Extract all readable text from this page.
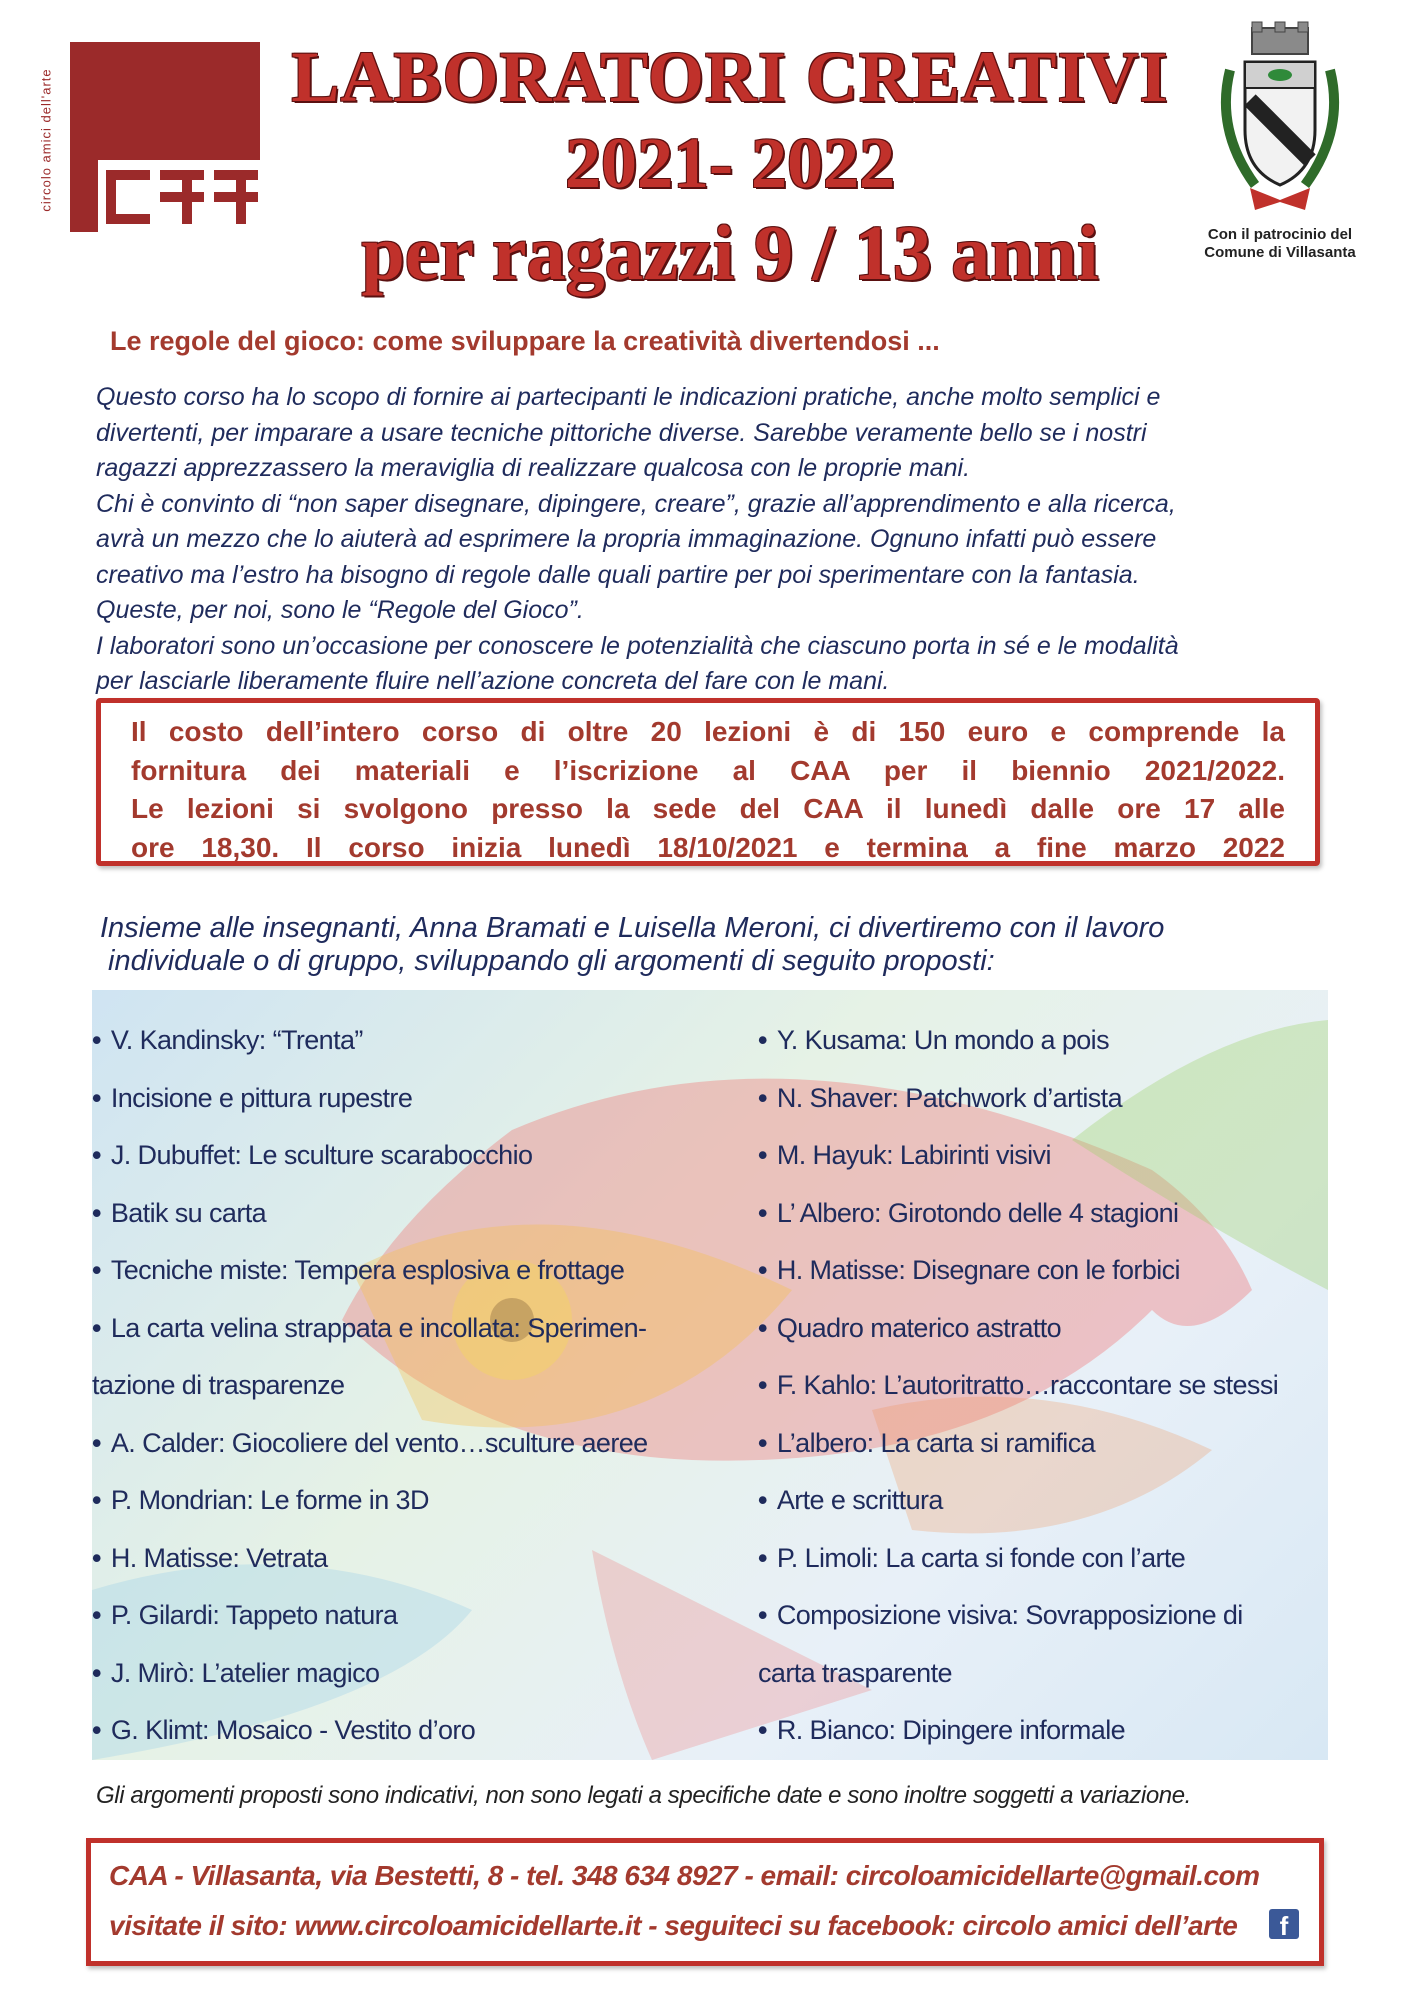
circolo amici dell'arte	LABORATORI CREATIVI
2021- 2022
per ragazzi 9 / 13 anni	Con il patrocinio del
Comune di Villasanta
Le regole del gioco: come sviluppare la creatività divertendosi ...

Questo corso ha lo scopo di fornire ai partecipanti le indicazioni pratiche, anche molto semplici e

divertenti, per imparare a usare tecniche pittoriche diverse. Sarebbe veramente bello se i nostri

ragazzi apprezzassero la meraviglia di realizzare qualcosa con le proprie mani.

Chi è convinto di “non saper disegnare, dipingere, creare”, grazie all’apprendimento e alla ricerca,

avrà un mezzo che lo aiuterà ad esprimere la propria immaginazione. Ognuno infatti può essere

creativo ma l’estro ha bisogno di regole dalle quali partire per poi sperimentare con la fantasia.

Queste, per noi, sono le “Regole del Gioco”.

I laboratori sono un’occasione per conoscere le potenzialità che ciascuno porta in sé e le modalità

per lasciarle liberamente fluire nell’azione concreta del fare con le mani.

Il costo dell’intero corso di oltre 20 lezioni è di 150 euro e comprende la
fornitura dei materiali e l’iscrizione al CAA per il biennio 2021/2022.
Le lezioni si svolgono presso la sede del CAA il lunedì dalle ore 17 alle
ore 18,30. Il corso inizia lunedì 18/10/2021 e termina a fine marzo 2022
Insieme alle insegnanti, Anna Bramati e Luisella Meroni, ci divertiremo con il lavoro
individuale o di gruppo, sviluppando gli argomenti di seguito proposti:
• V. Kandinsky: “Trenta”
• Incisione e pittura rupestre
• J. Dubuffet: Le sculture scarabocchio
• Batik su carta
• Tecniche miste: Tempera esplosiva e frottage
• La carta velina strappata e incollata: Sperimen-
tazione di trasparenze
• A. Calder: Giocoliere del vento…sculture aeree
• P. Mondrian: Le forme in 3D
• H. Matisse: Vetrata
• P. Gilardi: Tappeto natura
• J. Mirò: L’atelier magico
• G. Klimt: Mosaico - Vestito d’oro
• Y. Kusama: Un mondo a pois
• N. Shaver: Patchwork d’artista
• M. Hayuk: Labirinti visivi
• L’ Albero: Girotondo delle 4 stagioni
• H. Matisse: Disegnare con le forbici
• Quadro materico astratto
• F. Kahlo: L’autoritratto…raccontare se stessi
• L’albero: La carta si ramifica
• Arte e scrittura
• P. Limoli: La carta si fonde con l’arte
• Composizione visiva: Sovrapposizione di
carta trasparente
• R. Bianco: Dipingere informale
Gli argomenti proposti sono indicativi, non sono legati a specifiche date e sono inoltre soggetti a variazione.
CAA - Villasanta, via Bestetti, 8 - tel. 348 634 8927 - email: circoloamicidellarte@gmail.com
visitate il sito: www.circoloamicidellarte.it - seguiteci su facebook: circolo amici dell’arte	f
